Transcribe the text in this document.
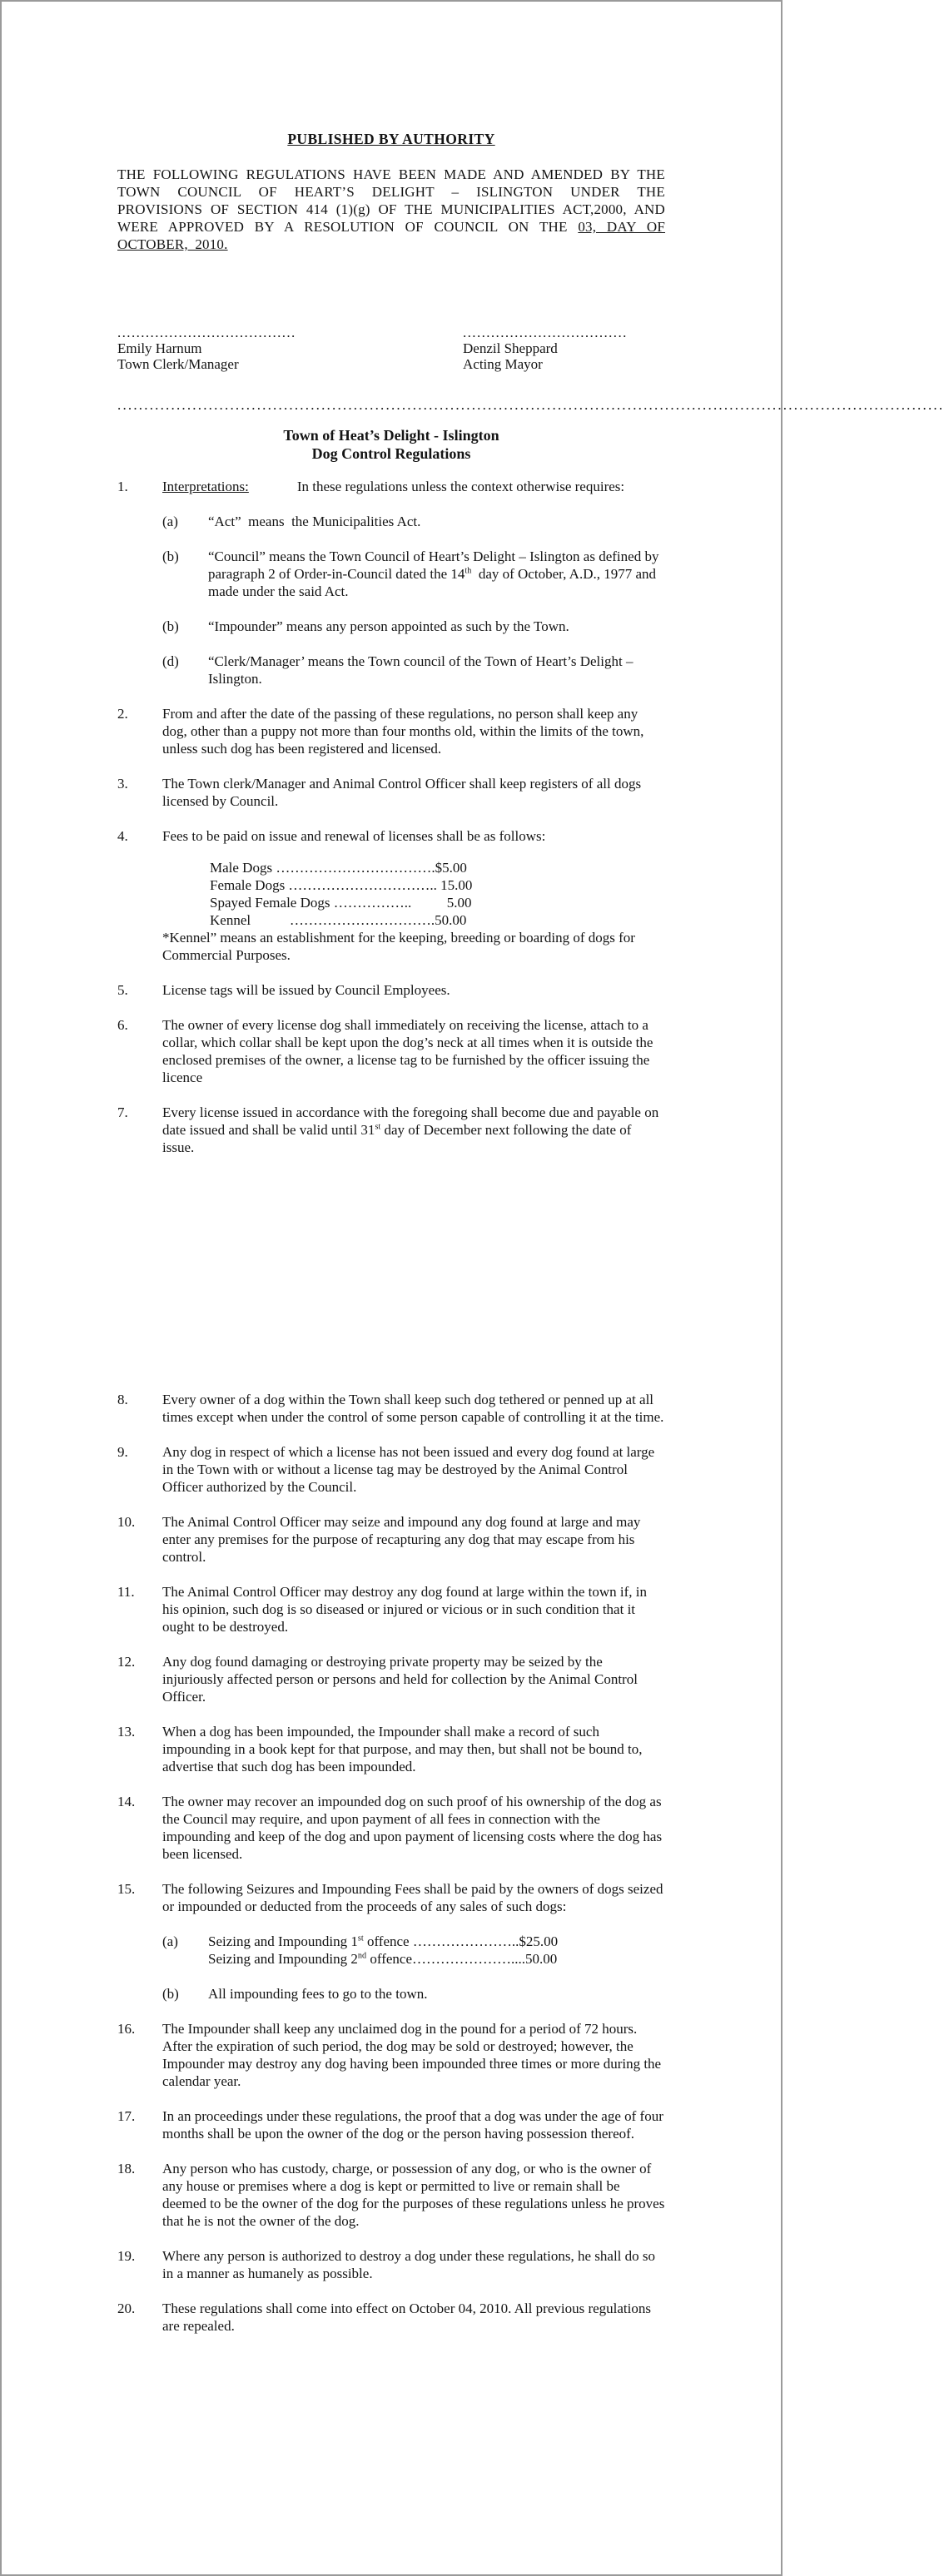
PUBLISHED BY AUTHORITY

THE FOLLOWING REGULATIONS HAVE BEEN MADE AND AMENDED BY THE TOWN COUNCIL OF HEART’S DELIGHT – ISLINGTON UNDER THE PROVISIONS OF SECTION 414 (1)(g) OF THE MUNICIPALITIES ACT,2000, AND WERE APPROVED BY A RESOLUTION OF COUNCIL ON THE 03, DAY OF OCTOBER, 2010.

......................................
Emily Harnum
Town Clerk/Manager
...................................
Denzil Sheppard
Acting Mayor
..........................................................................................................................................................
Town of Heat’s Delight - Islington
Dog Control Regulations
1.	Interpretations:	In these regulations unless the context otherwise requires:
(a)	“Act”  means  the Municipalities Act.
(b)	“Council” means the Town Council of Heart’s Delight – Islington as defined by paragraph 2 of Order-in-Council dated the 14th  day of October, A.D., 1977 and made under the said Act.
(b)	“Impounder” means any person appointed as such by the Town.
(d)	“Clerk/Manager’ means the Town council of the Town of Heart’s Delight – Islington.
2.	From and after the date of the passing of these regulations, no person shall keep any dog, other than a puppy not more than four months old, within the limits of the town, unless such dog has been registered and licensed.
3.	The Town clerk/Manager and Animal Control Officer shall keep registers of all dogs licensed by Council.
4.	Fees to be paid on issue and renewal of licenses shall be as follows:
Male Dogs …………………………….$5.00
Female Dogs ………………………….. 15.00
Spayed Female Dogs ……………..          5.00
Kennel           ………………………….50.00
*Kennel” means an establishment for the keeping, breeding or boarding of dogs for Commercial Purposes.
5.	License tags will be issued by Council Employees.
6.	The owner of every license dog shall immediately on receiving the license, attach to a collar, which collar shall be kept upon the dog’s neck at all times when it is outside the enclosed premises of the owner, a license tag to be furnished by the officer issuing the licence
7.	Every license issued in accordance with the foregoing shall become due and payable on date issued and shall be valid until 31st day of December next following the date of issue.
8.	Every owner of a dog within the Town shall keep such dog tethered or penned up at all times except when under the control of some person capable of controlling it at the time.
9.	Any dog in respect of which a license has not been issued and every dog found at large in the Town with or without a license tag may be destroyed by the Animal Control Officer authorized by the Council.
10.	The Animal Control Officer may seize and impound any dog found at large and may enter any premises for the purpose of recapturing any dog that may escape from his control.
11.	The Animal Control Officer may destroy any dog found at large within the town if, in his opinion, such dog is so diseased or injured or vicious or in such condition that it ought to be destroyed.
12.	Any dog found damaging or destroying private property may be seized by the injuriously affected person or persons and held for collection by the Animal Control Officer.
13.	When a dog has been impounded, the Impounder shall make a record of such impounding in a book kept for that purpose, and may then, but shall not be bound to, advertise that such dog has been impounded.
14.	The owner may recover an impounded dog on such proof of his ownership of the dog as the Council may require, and upon payment of all fees in connection with the impounding and keep of the dog and upon payment of licensing costs where the dog has been licensed.
15.	The following Seizures and Impounding Fees shall be paid by the owners of dogs seized or impounded or deducted from the proceeds of any sales of such dogs:
(a)	Seizing and Impounding 1st offence …………………..$25.00
Seizing and Impounding 2nd offence…………………....50.00
(b)	All impounding fees to go to the town.
16.	The Impounder shall keep any unclaimed dog in the pound for a period of 72 hours. After the expiration of such period, the dog may be sold or destroyed; however, the Impounder may destroy any dog having been impounded three times or more during the calendar year.
17.	In an proceedings under these regulations, the proof that a dog was under the age of four months shall be upon the owner of the dog or the person having possession thereof.
18.	Any person who has custody, charge, or possession of any dog, or who is the owner of any house or premises where a dog is kept or permitted to live or remain shall be deemed to be the owner of the dog for the purposes of these regulations unless he proves that he is not the owner of the dog.
19.	Where any person is authorized to destroy a dog under these regulations, he shall do so in a manner as humanely as possible.
20.	These regulations shall come into effect on October 04, 2010. All previous regulations are repealed.
